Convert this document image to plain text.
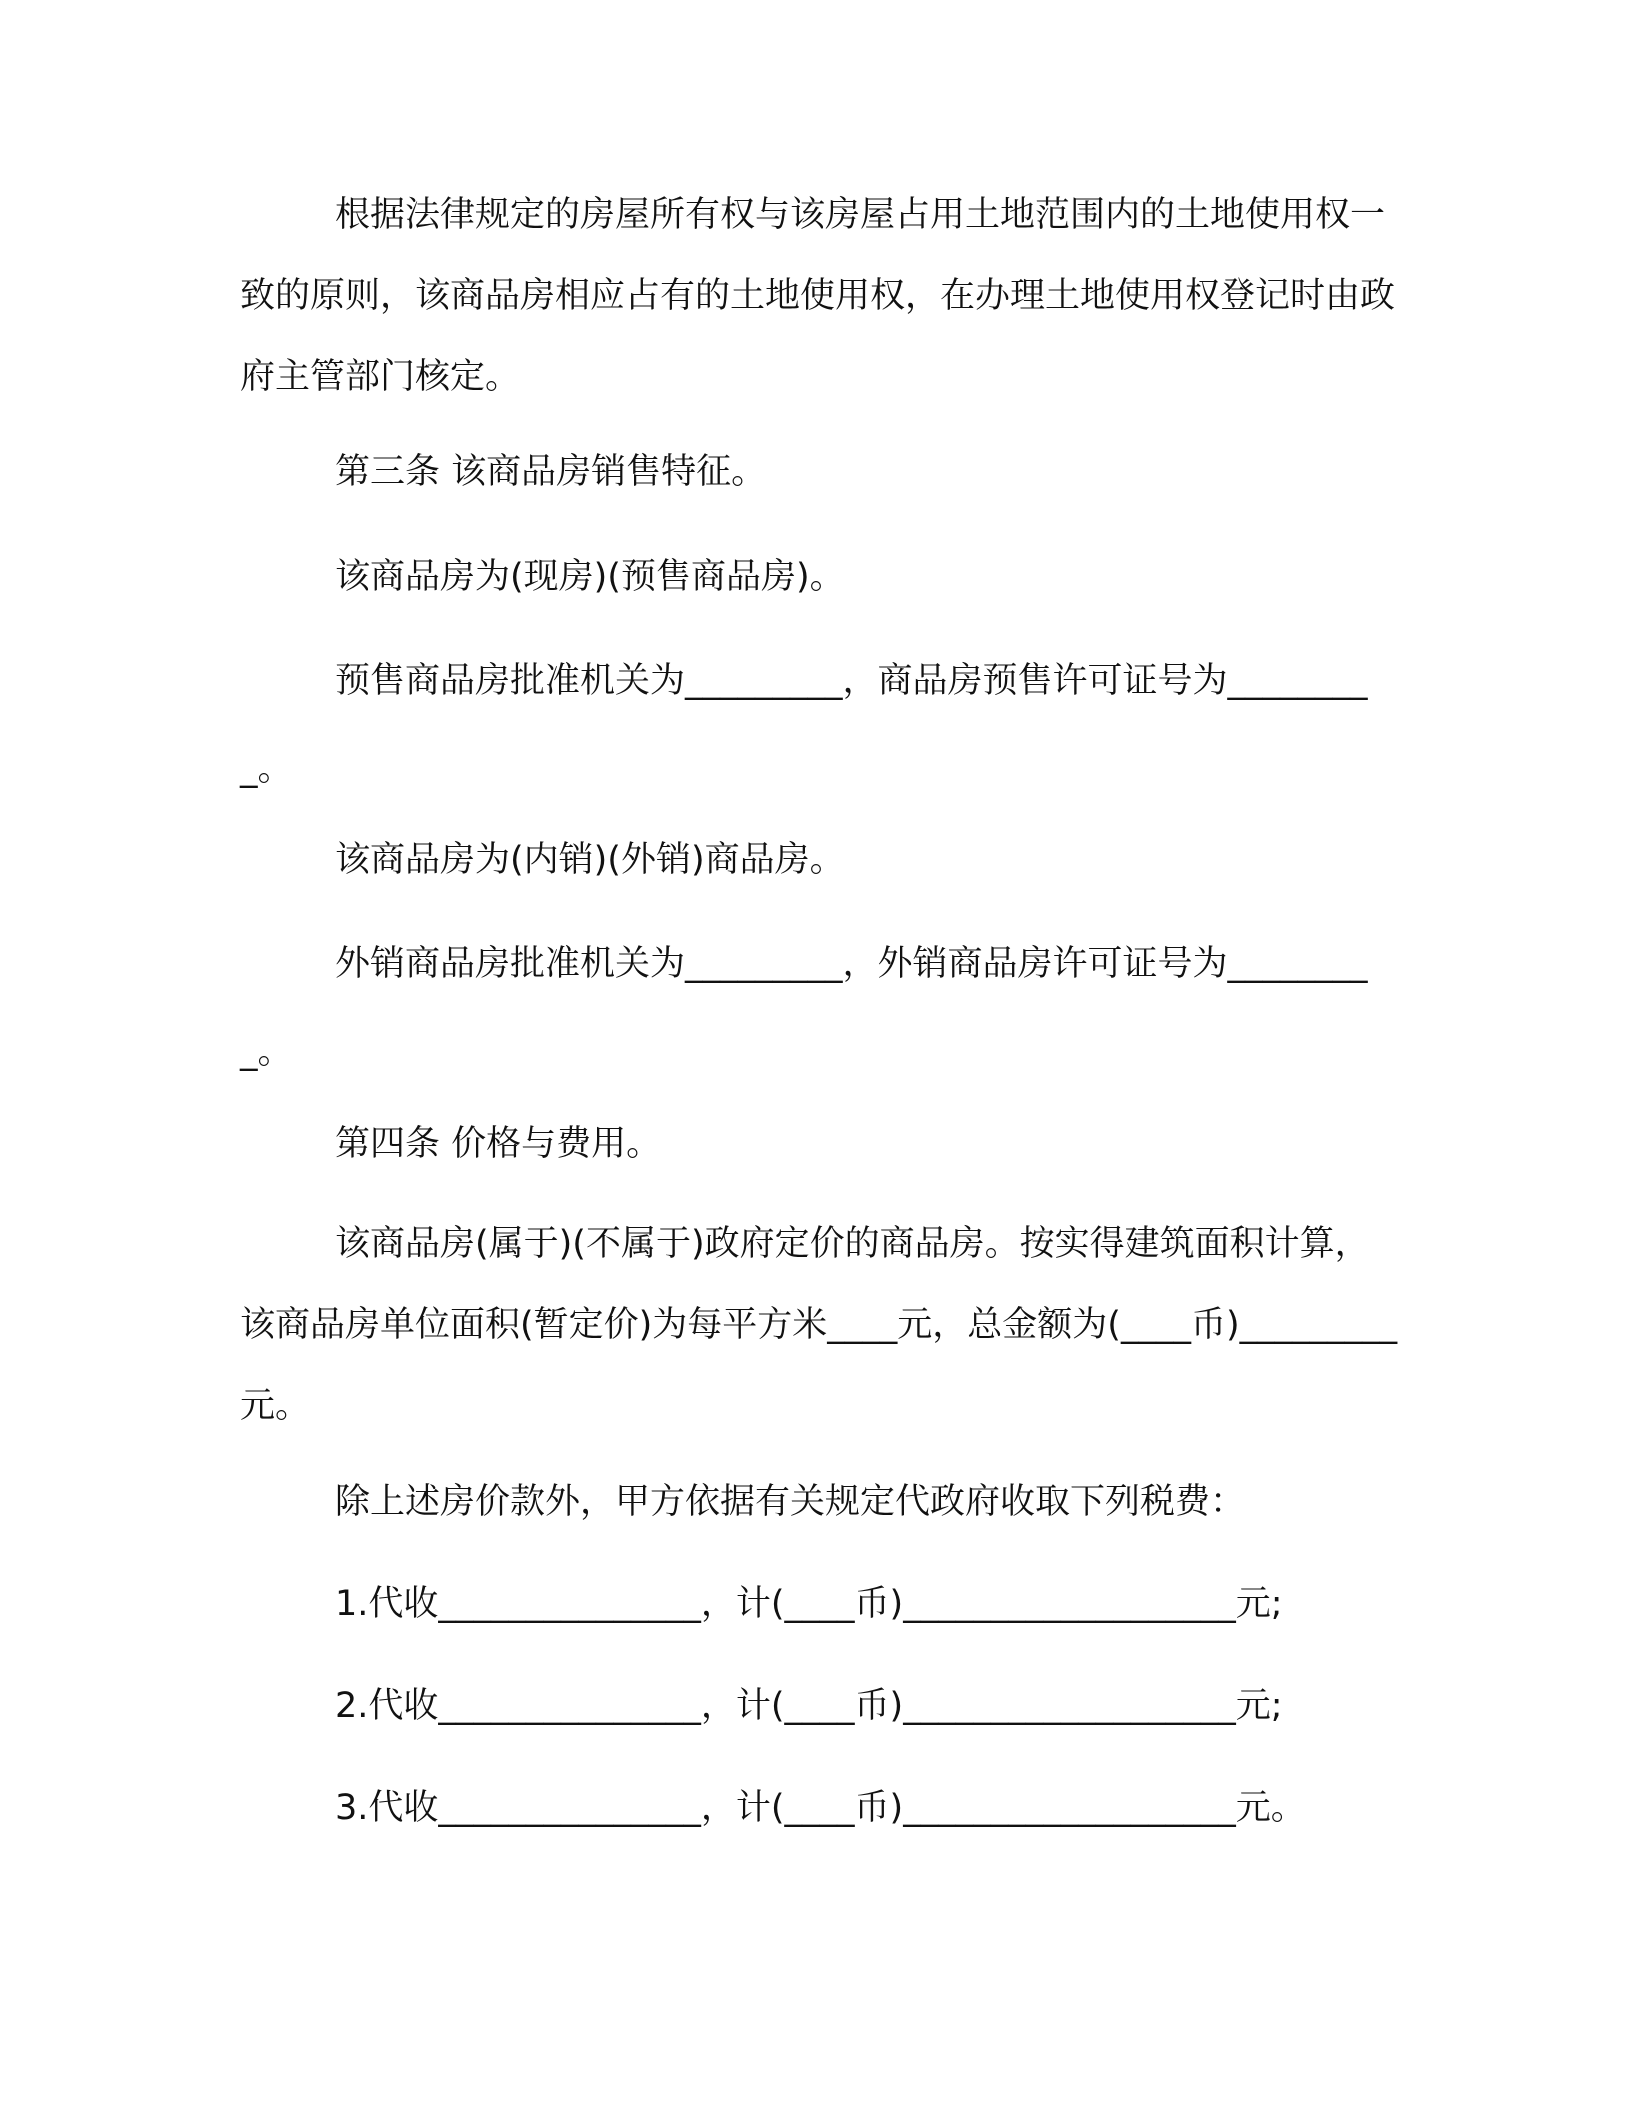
根据法律规定的房屋所有权与该房屋占用土地范围内的土地使用权一致的原则，该商品房相应占有的土地使用权，在办理土地使用权登记时由政府主管部门核定。

第三条 该商品房销售特征。

该商品房为(现房)(预售商品房)。

预售商品房批准机关为_________，商品房预售许可证号为_________。

该商品房为(内销)(外销)商品房。

外销商品房批准机关为_________，外销商品房许可证号为_________。

第四条 价格与费用。

该商品房(属于)(不属于)政府定价的商品房。按实得建筑面积计算，该商品房单位面积(暂定价)为每平方米____元，总金额为(____币)_________元。

除上述房价款外，甲方依据有关规定代政府收取下列税费：

1.代收_______________，计(____币)___________________元;

2.代收_______________，计(____币)___________________元;

3.代收_______________，计(____币)___________________元。
